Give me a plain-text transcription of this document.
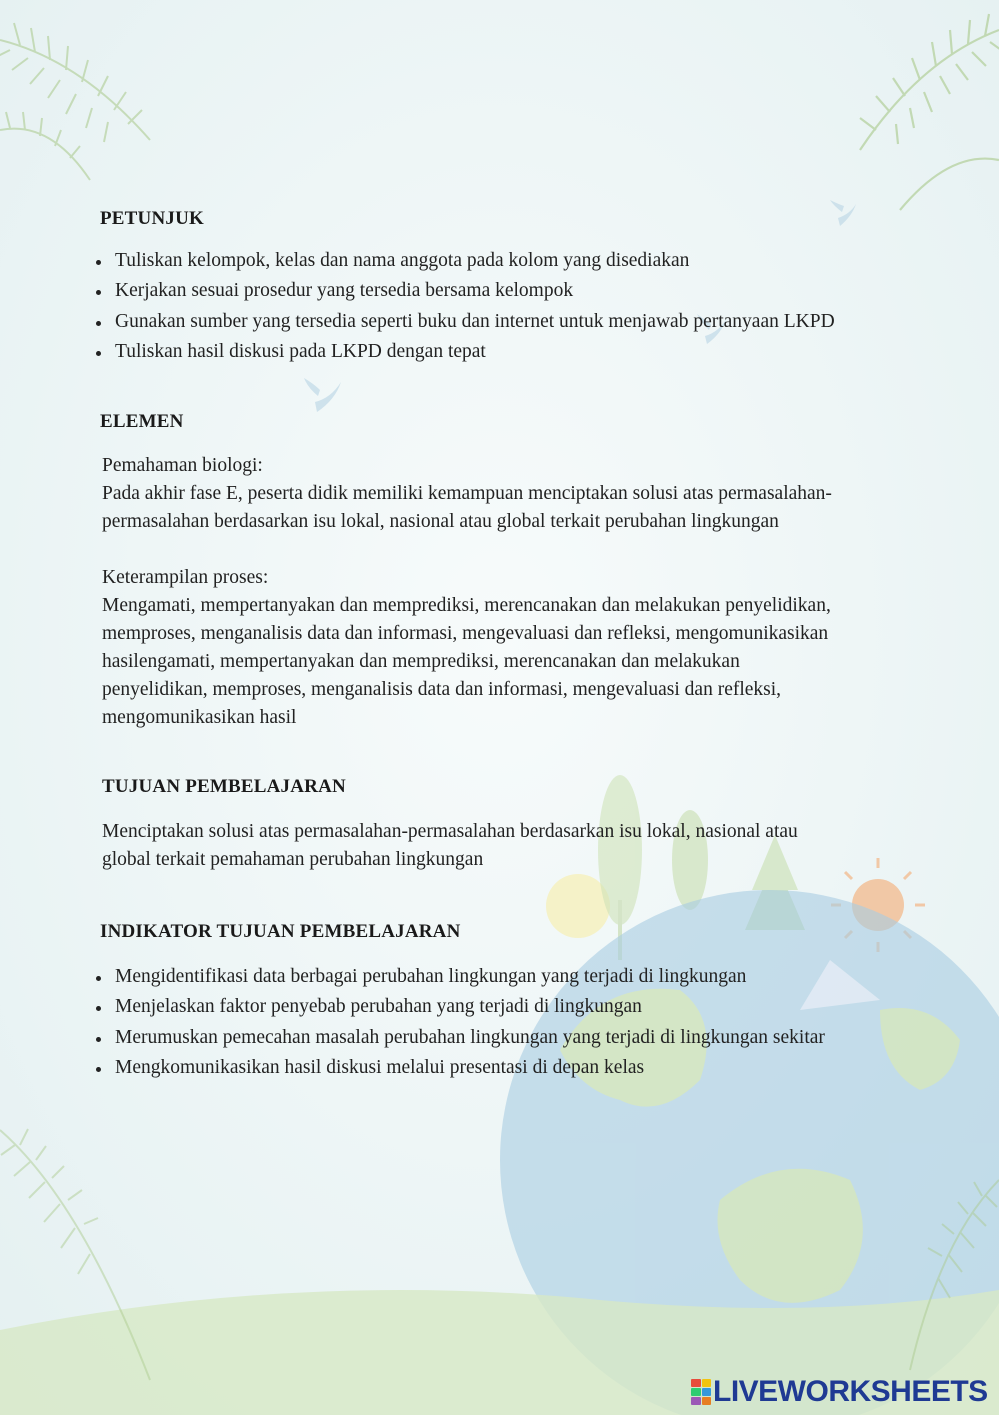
PETUNJUK
Tuliskan kelompok, kelas dan nama anggota pada kolom yang disediakan
Kerjakan sesuai prosedur yang tersedia bersama kelompok
Gunakan sumber yang tersedia seperti buku dan internet untuk menjawab pertanyaan LKPD
Tuliskan hasil diskusi pada LKPD dengan tepat
ELEMEN
Pemahaman biologi:
Pada akhir fase E, peserta didik memiliki kemampuan menciptakan solusi atas permasalahan-
permasalahan berdasarkan isu lokal, nasional atau global terkait perubahan lingkungan
Keterampilan proses:
Mengamati, mempertanyakan dan memprediksi, merencanakan dan melakukan penyelidikan,
memproses, menganalisis data dan informasi, mengevaluasi dan refleksi, mengomunikasikan
hasilengamati, mempertanyakan dan memprediksi, merencanakan dan melakukan
penyelidikan, memproses, menganalisis data dan informasi, mengevaluasi dan refleksi,
mengomunikasikan hasil
TUJUAN PEMBELAJARAN
Menciptakan solusi atas permasalahan-permasalahan berdasarkan isu lokal, nasional atau
global terkait pemahaman perubahan lingkungan
INDIKATOR TUJUAN PEMBELAJARAN
Mengidentifikasi data berbagai perubahan lingkungan yang terjadi di lingkungan
Menjelaskan faktor penyebab perubahan yang terjadi di lingkungan
Merumuskan pemecahan masalah perubahan lingkungan yang terjadi di lingkungan sekitar
Mengkomunikasikan hasil diskusi melalui presentasi di depan kelas
LIVEWORKSHEETS
